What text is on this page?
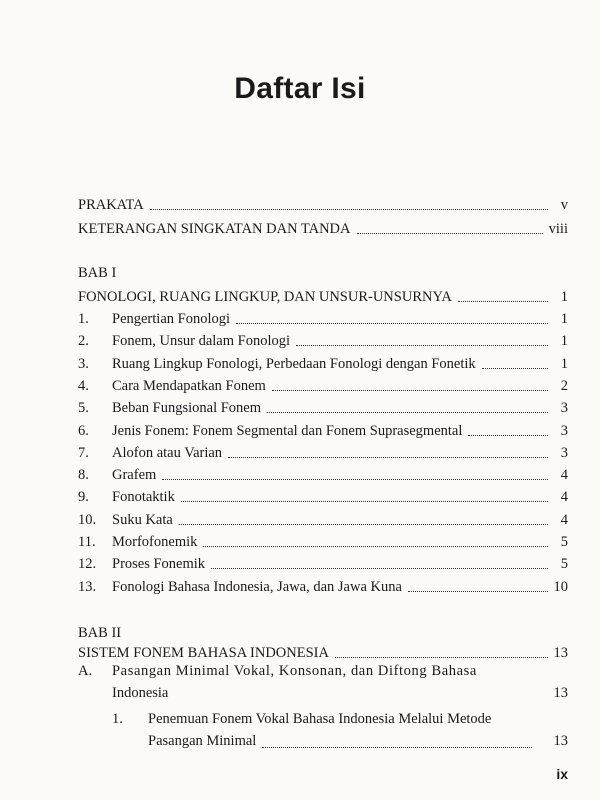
Daftar Isi
PRAKATA	v
KETERANGAN SINGKATAN DAN TANDA	viii
BAB I
FONOLOGI, RUANG LINGKUP, DAN UNSUR-UNSURNYA	1
1.	Pengertian Fonologi	1
2.	Fonem, Unsur dalam Fonologi	1
3.	Ruang Lingkup Fonologi, Perbedaan Fonologi dengan Fonetik	1
4.	Cara Mendapatkan Fonem	2
5.	Beban Fungsional Fonem	3
6.	Jenis Fonem: Fonem Segmental dan Fonem Suprasegmental	3
7.	Alofon atau Varian	3
8.	Grafem	4
9.	Fonotaktik	4
10.	Suku Kata	4
11.	Morfofonemik	5
12.	Proses Fonemik	5
13.	Fonologi Bahasa Indonesia, Jawa, dan Jawa Kuna	10
BAB II
SISTEM FONEM BAHASA INDONESIA	13
A.	Pasangan Minimal Vokal, Konsonan, dan Diftong Bahasa
Indonesia	13
1.	Penemuan Fonem Vokal Bahasa Indonesia Melalui Metode
Pasangan Minimal	13
ix
